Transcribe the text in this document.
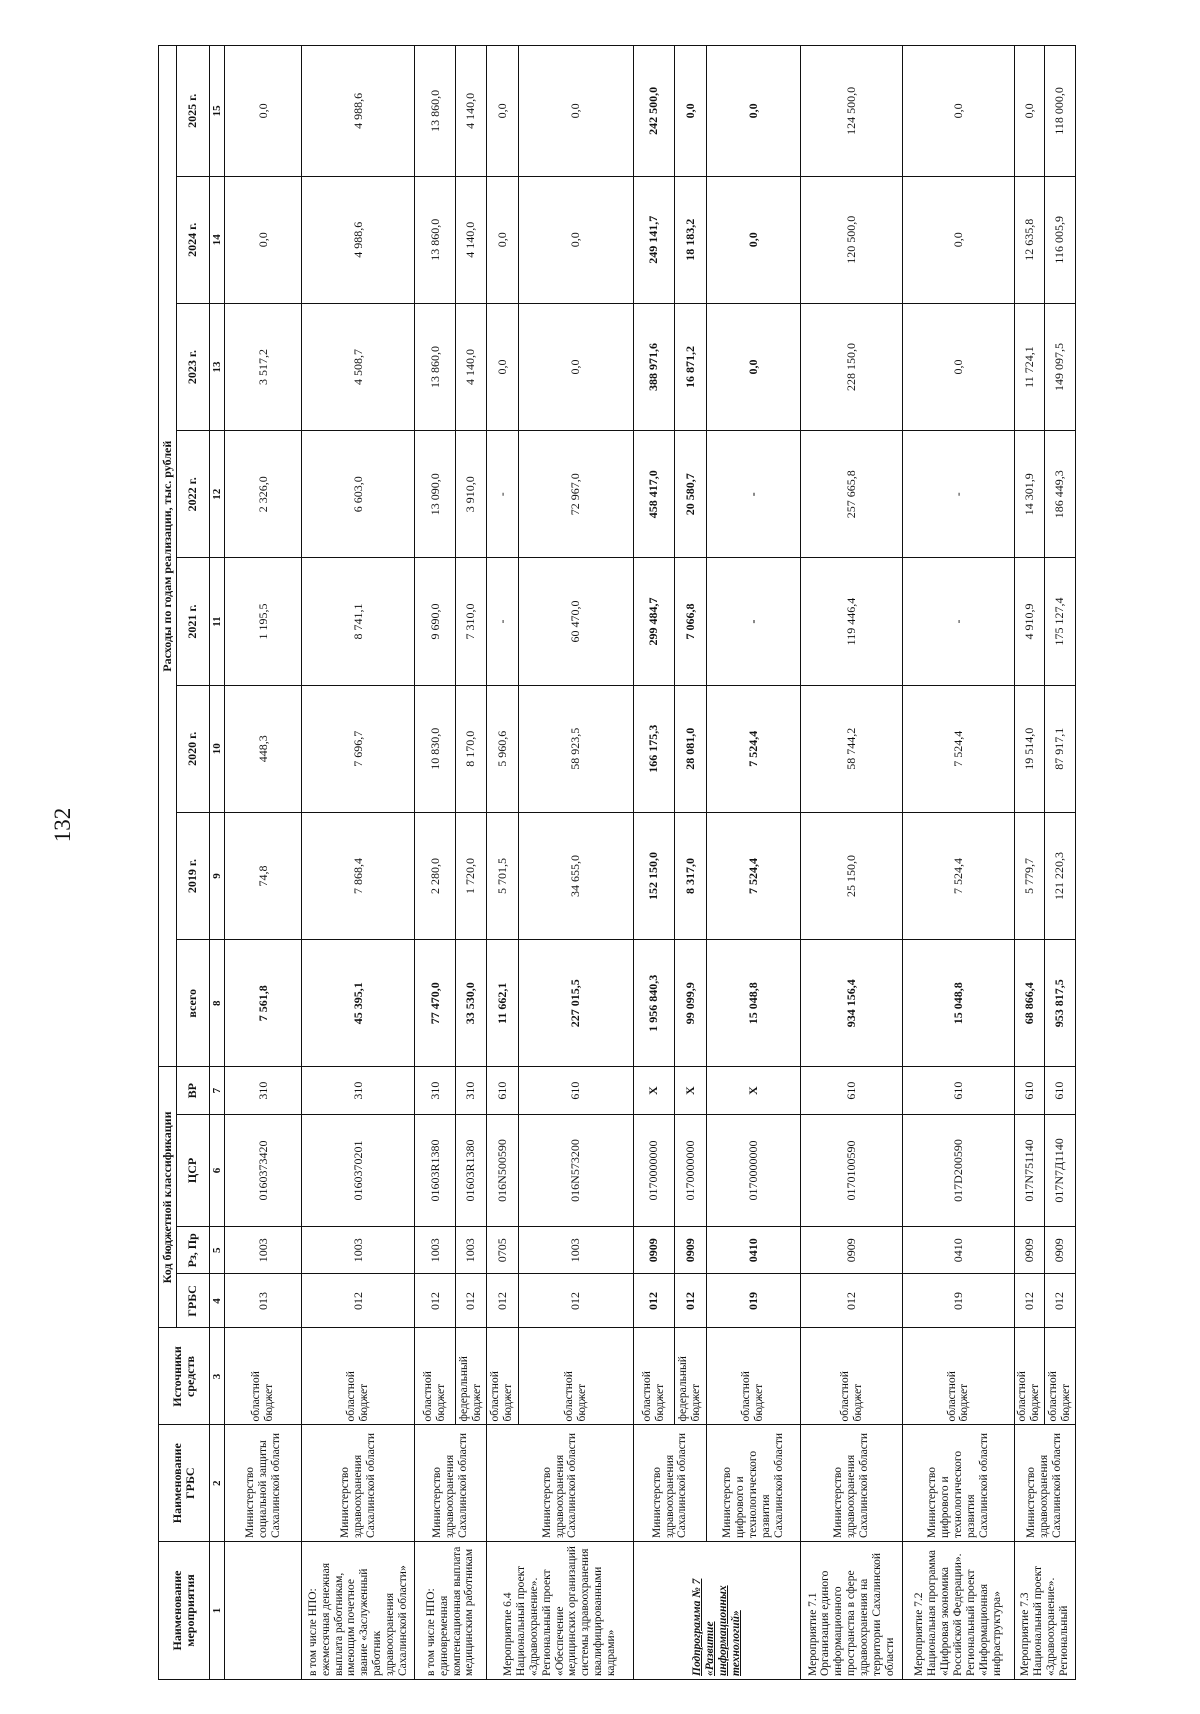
132
Наименование мероприятия	Наименование ГРБС	Источники средств	Код бюджетной классификации				Расходы по годам реализации, тыс. рублей							
			ГРБС	Рз, Пр	ЦСР	ВР	всего	2019 г.	2020 г.	2021 г.	2022 г.	2023 г.	2024 г.	2025 г.
1	2	3	4	5	6	7	8	9	10	11	12	13	14	15
	Министерство социальной защиты Сахалинской области	областной бюджет	013	1003	0160373420	310	7 561,8	74,8	448,3	1 195,5	2 326,0	3 517,2	0,0	0,0
в том числе НПО: ежемесячная денежная выплата работникам, имеющим почетное звание «Заслуженный работник здравоохранения Сахалинской области»	Министерство здравоохранения Сахалинской области	областной бюджет	012	1003	0160370201	310	45 395,1	7 868,4	7 696,7	8 741,1	6 603,0	4 508,7	4 988,6	4 988,6
в том числе НПО: единовременная компенсационная выплата медицинским работникам	Министерство здравоохранения Сахалинской области	областной бюджет	012	1003	01603R1380	310	77 470,0	2 280,0	10 830,0	9 690,0	13 090,0	13 860,0	13 860,0	13 860,0
		федеральный бюджет	012	1003	01603R1380	310	33 530,0	1 720,0	8 170,0	7 310,0	3 910,0	4 140,0	4 140,0	4 140,0
Мероприятие 6.4 Национальный проект «Здравоохранение». Региональный проект «Обеспечение медицинских организаций системы здравоохранения квалифицированными кадрами»	Министерство здравоохранения Сахалинской области	областной бюджет	012	0705	016N500590	610	11 662,1	5 701,5	5 960,6	-	-	0,0	0,0	0,0
		областной бюджет	012	1003	016N573200	610	227 015,5	34 655,0	58 923,5	60 470,0	72 967,0	0,0	0,0	0,0
Подпрограмма № 7 «Развитие информационных технологий»	Министерство здравоохранения Сахалинской области	областной бюджет	012	0909	0170000000	Х	1 956 840,3	152 150,0	166 175,3	299 484,7	458 417,0	388 971,6	249 141,7	242 500,0
		федеральный бюджет	012	0909	0170000000	Х	99 099,9	8 317,0	28 081,0	7 066,8	20 580,7	16 871,2	18 183,2	0,0
	Министерство цифрового и технологического развития Сахалинской области	областной бюджет	019	0410	0170000000	Х	15 048,8	7 524,4	7 524,4	-	-	0,0	0,0	0,0
Мероприятие 7.1 Организация единого информационного пространства в сфере здравоохранения на территории Сахалинской области	Министерство здравоохранения Сахалинской области	областной бюджет	012	0909	0170100590	610	934 156,4	25 150,0	58 744,2	119 446,4	257 665,8	228 150,0	120 500,0	124 500,0
Мероприятие 7.2 Национальная программа «Цифровая экономика Российской Федерации». Региональный проект «Информационная инфраструктура»	Министерство цифрового и технологического развития Сахалинской области	областной бюджет	019	0410	017D200590	610	15 048,8	7 524,4	7 524,4	-	-	0,0	0,0	0,0
Мероприятие 7.3 Национальный проект «Здравоохранение». Региональный	Министерство здравоохранения Сахалинской области	областной бюджет	012	0909	017N751140	610	68 866,4	5 779,7	19 514,0	4 910,9	14 301,9	11 724,1	12 635,8	0,0
		областной бюджет	012	0909	017N7Д1140	610	953 817,5	121 220,3	87 917,1	175 127,4	186 449,3	149 097,5	116 005,9	118 000,0
